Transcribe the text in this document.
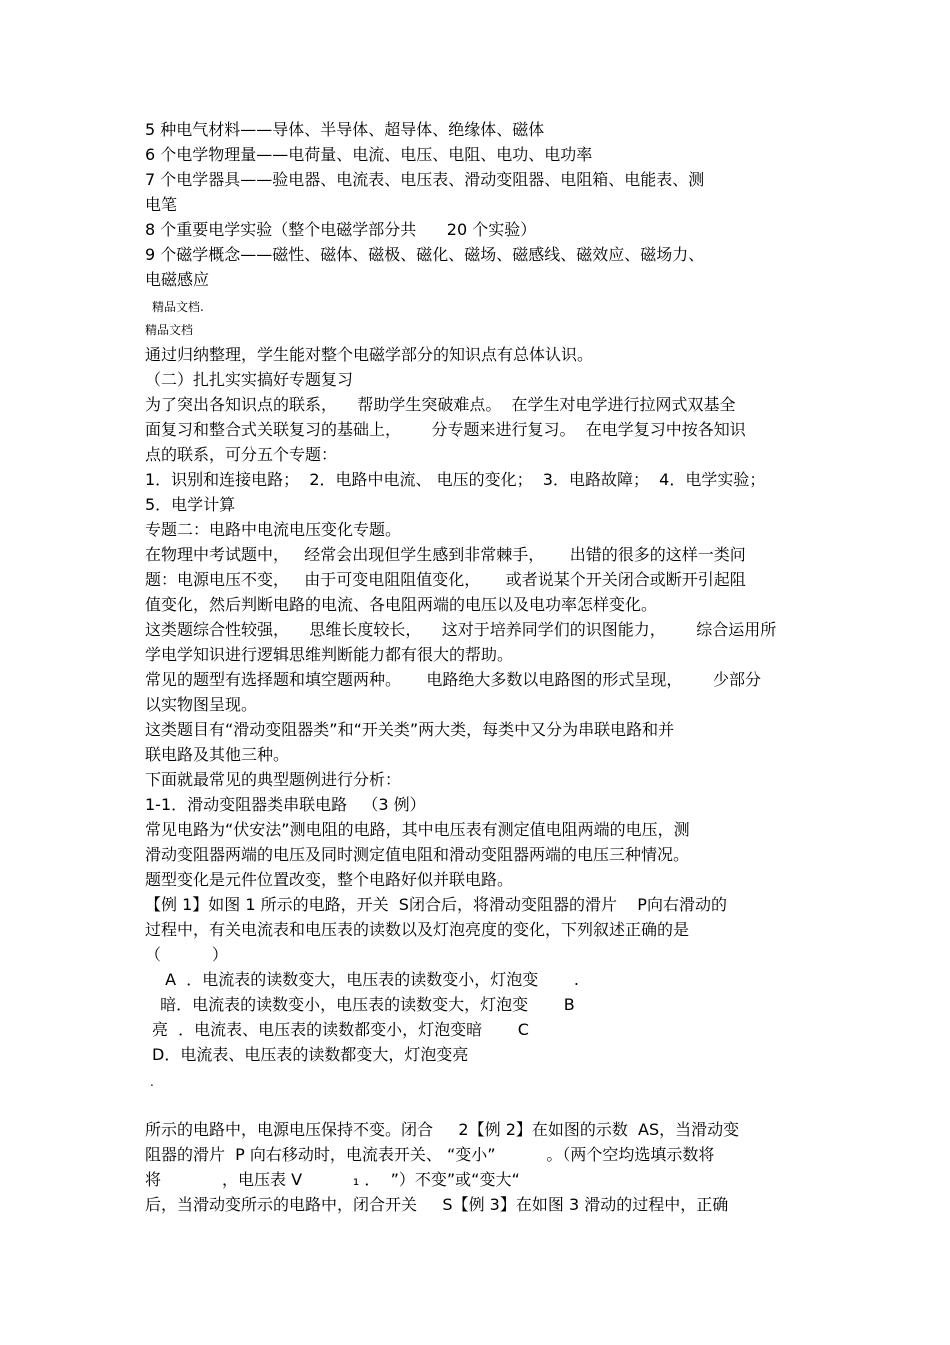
5 种电气材料——导体、半导体、超导体、绝缘体、磁体

6 个电学物理量——电荷量、电流、电压、电阻、电功、电功率

7 个电学器具——验电器、电流表、电压表、滑动变阻器、电阻箱、电能表、测

电笔

8 个重要电学实验（整个电磁学部分共      20 个实验）

9 个磁学概念——磁性、磁体、磁极、磁化、磁场、磁感线、磁效应、磁场力、

电磁感应

精品文档.

精品文档

通过归纳整理，学生能对整个电磁学部分的知识点有总体认识。

（二）扎扎实实搞好专题复习

为了突出各知识点的联系，    帮助学生突破难点。  在学生对电学进行拉网式双基全

面复习和整合式关联复习的基础上，      分专题来进行复习。  在电学复习中按各知识

点的联系，可分五个专题：

1．识别和连接电路；  2．电路中电流、 电压的变化；  3．电路故障；  4．电学实验；

5．电学计算

专题二：电路中电流电压变化专题。

在物理中考试题中，   经常会出现但学生感到非常棘手，     出错的很多的这样一类问

题：电源电压不变，   由于可变电阻阻值变化，     或者说某个开关闭合或断开引起阻

值变化，然后判断电路的电流、各电阻两端的电压以及电功率怎样变化。

这类题综合性较强，    思维长度较长，    这对于培养同学们的识图能力，      综合运用所

学电学知识进行逻辑思维判断能力都有很大的帮助。

常见的题型有选择题和填空题两种。     电路绝大多数以电路图的形式呈现，      少部分

以实物图呈现。

这类题目有“滑动变阻器类”和“开关类”两大类，每类中又分为串联电路和并

联电路及其他三种。

下面就最常见的典型题例进行分析：

1-1．滑动变阻器类串联电路   （3 例）

常见电路为“伏安法”测电阻的电路，其中电压表有测定值电阻两端的电压，测

滑动变阻器两端的电压及同时测定值电阻和滑动变阻器两端的电压三种情况。

题型变化是元件位置改变，整个电路好似并联电路。

【例 1】如图 1 所示的电路，开关  S闭合后，将滑动变阻器的滑片    P向右滑动的

过程中，有关电流表和电压表的读数以及灯泡亮度的变化，下列叙述正确的是

（          ）

A  ．电流表的读数变大，电压表的读数变小，灯泡变       .

暗．电流表的读数变小，电压表的读数变大，灯泡变       B

亮  ．电流表、电压表的读数都变小，灯泡变暗       C

D．电流表、电压表的读数都变大，灯泡变亮

.

所示的电路中，电源电压保持不变。闭合     2【例 2】在如图的示数  AS，当滑动变

阻器的滑片  P 向右移动时，电流表开关、 “变小”          。（两个空均选填示数将

将            ，电压表 V          ₁ ．  ”）不变”或“变大“

后，当滑动变所示的电路中，闭合开关     S【例 3】在如图 3 滑动的过程中，正确
